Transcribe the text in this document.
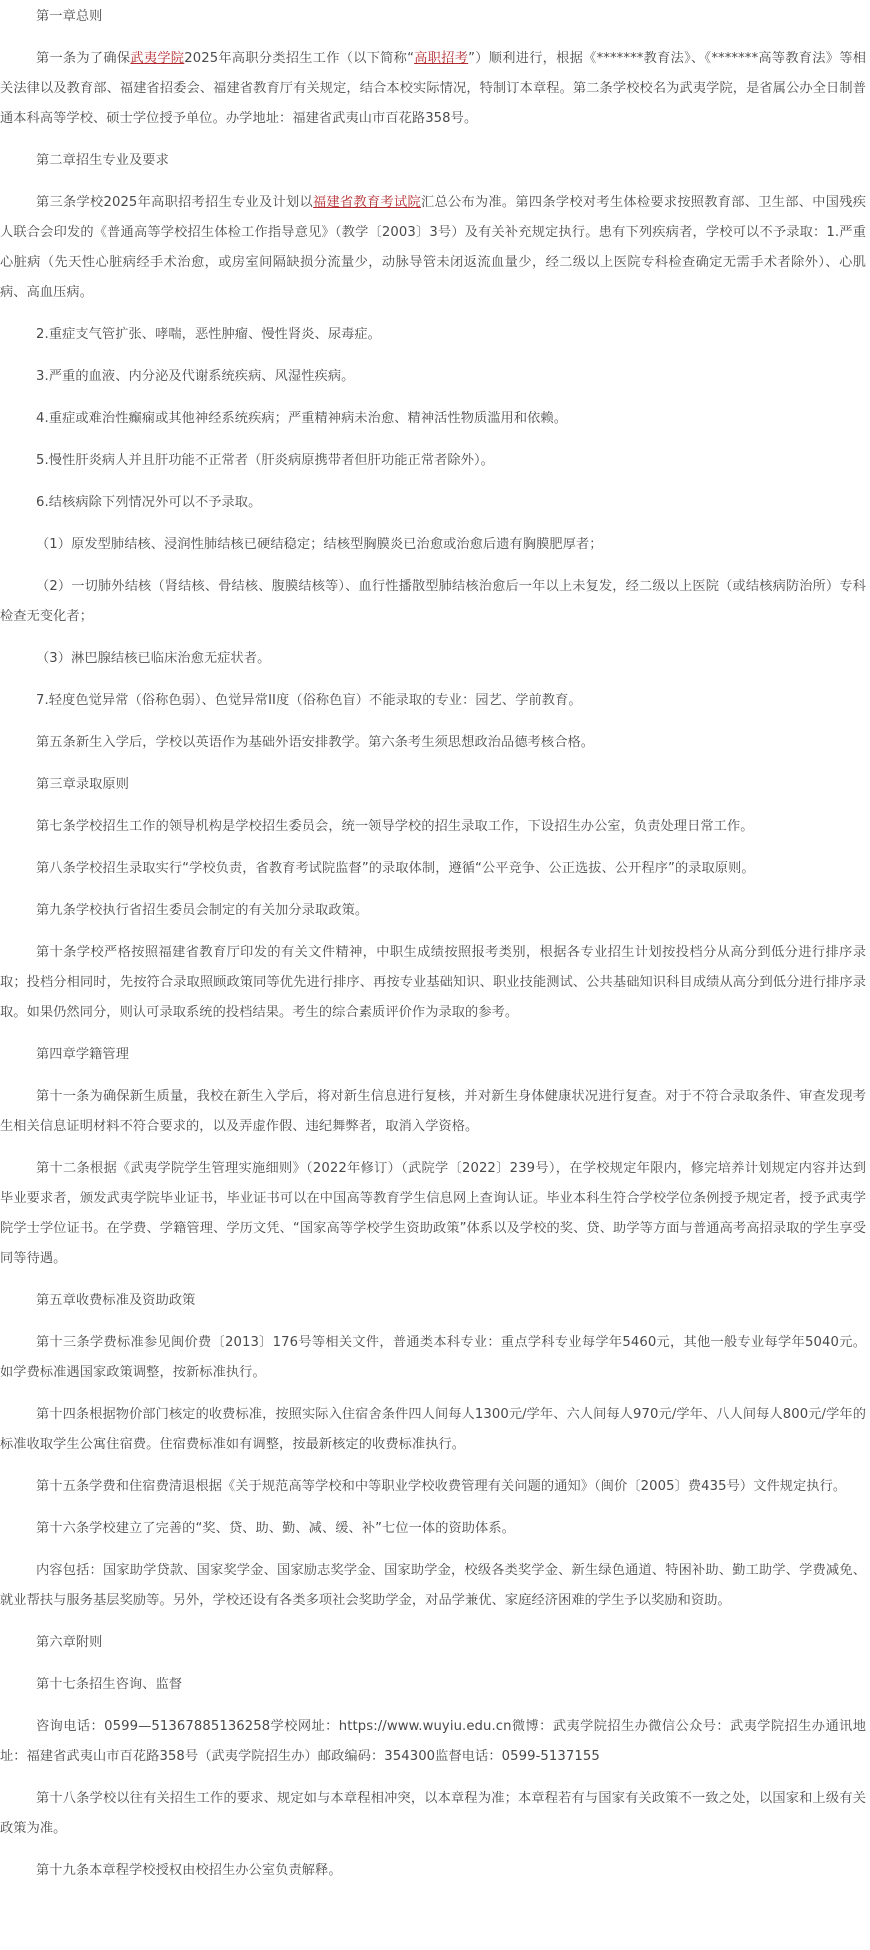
第一章总则

第一条为了确保武夷学院2025年高职分类招生工作（以下简称“高职招考”）顺利进行，根据《*******教育法》、《*******高等教育法》等相关法律以及教育部、福建省招委会、福建省教育厅有关规定，结合本校实际情况，特制订本章程。第二条学校校名为武夷学院，是省属公办全日制普通本科高等学校、硕士学位授予单位。办学地址：福建省武夷山市百花路358号。

第二章招生专业及要求

第三条学校2025年高职招考招生专业及计划以福建省教育考试院汇总公布为准。第四条学校对考生体检要求按照教育部、卫生部、中国残疾人联合会印发的《普通高等学校招生体检工作指导意见》（教学〔2003〕3号）及有关补充规定执行。患有下列疾病者，学校可以不予录取：1.严重心脏病（先天性心脏病经手术治愈，或房室间隔缺损分流量少，动脉导管未闭返流血量少，经二级以上医院专科检查确定无需手术者除外）、心肌病、高血压病。

2.重症支气管扩张、哮喘，恶性肿瘤、慢性肾炎、尿毒症。

3.严重的血液、内分泌及代谢系统疾病、风湿性疾病。

4.重症或难治性癫痫或其他神经系统疾病；严重精神病未治愈、精神活性物质滥用和依赖。

5.慢性肝炎病人并且肝功能不正常者（肝炎病原携带者但肝功能正常者除外）。

6.结核病除下列情况外可以不予录取。

（1）原发型肺结核、浸润性肺结核已硬结稳定；结核型胸膜炎已治愈或治愈后遗有胸膜肥厚者；

（2）一切肺外结核（肾结核、骨结核、腹膜结核等）、血行性播散型肺结核治愈后一年以上未复发，经二级以上医院（或结核病防治所）专科检查无变化者；

（3）淋巴腺结核已临床治愈无症状者。

7.轻度色觉异常（俗称色弱）、色觉异常II度（俗称色盲）不能录取的专业：园艺、学前教育。

第五条新生入学后，学校以英语作为基础外语安排教学。第六条考生须思想政治品德考核合格。

第三章录取原则

第七条学校招生工作的领导机构是学校招生委员会，统一领导学校的招生录取工作，下设招生办公室，负责处理日常工作。

第八条学校招生录取实行“学校负责，省教育考试院监督”的录取体制，遵循“公平竞争、公正选拔、公开程序”的录取原则。

第九条学校执行省招生委员会制定的有关加分录取政策。

第十条学校严格按照福建省教育厅印发的有关文件精神，中职生成绩按照报考类别，根据各专业招生计划按投档分从高分到低分进行排序录取；投档分相同时，先按符合录取照顾政策同等优先进行排序、再按专业基础知识、职业技能测试、公共基础知识科目成绩从高分到低分进行排序录取。如果仍然同分，则认可录取系统的投档结果。考生的综合素质评价作为录取的参考。

第四章学籍管理

第十一条为确保新生质量，我校在新生入学后，将对新生信息进行复核，并对新生身体健康状况进行复查。对于不符合录取条件、审查发现考生相关信息证明材料不符合要求的，以及弄虚作假、违纪舞弊者，取消入学资格。

第十二条根据《武夷学院学生管理实施细则》（2022年修订）（武院学〔2022〕239号），在学校规定年限内，修完培养计划规定内容并达到毕业要求者，颁发武夷学院毕业证书，毕业证书可以在中国高等教育学生信息网上查询认证。毕业本科生符合学校学位条例授予规定者，授予武夷学院学士学位证书。在学费、学籍管理、学历文凭、“国家高等学校学生资助政策”体系以及学校的奖、贷、助学等方面与普通高考高招录取的学生享受同等待遇。

第五章收费标准及资助政策

第十三条学费标准参见闽价费〔2013〕176号等相关文件，普通类本科专业：重点学科专业每学年5460元，其他一般专业每学年5040元。如学费标准遇国家政策调整，按新标准执行。

第十四条根据物价部门核定的收费标准，按照实际入住宿舍条件四人间每人1300元/学年、六人间每人970元/学年、八人间每人800元/学年的标准收取学生公寓住宿费。住宿费标准如有调整，按最新核定的收费标准执行。

第十五条学费和住宿费清退根据《关于规范高等学校和中等职业学校收费管理有关问题的通知》（闽价〔2005〕费435号）文件规定执行。

第十六条学校建立了完善的“奖、贷、助、勤、减、缓、补”七位一体的资助体系。

内容包括：国家助学贷款、国家奖学金、国家励志奖学金、国家助学金，校级各类奖学金、新生绿色通道、特困补助、勤工助学、学费减免、就业帮扶与服务基层奖励等。另外，学校还设有各类多项社会奖助学金，对品学兼优、家庭经济困难的学生予以奖励和资助。

第六章附则

第十七条招生咨询、监督

咨询电话：0599—51367885136258学校网址：https://www.wuyiu.edu.cn微博：武夷学院招生办微信公众号：武夷学院招生办通讯地址：福建省武夷山市百花路358号（武夷学院招生办）邮政编码：354300监督电话：0599-5137155

第十八条学校以往有关招生工作的要求、规定如与本章程相冲突，以本章程为准；本章程若有与国家有关政策不一致之处，以国家和上级有关政策为准。

第十九条本章程学校授权由校招生办公室负责解释。
